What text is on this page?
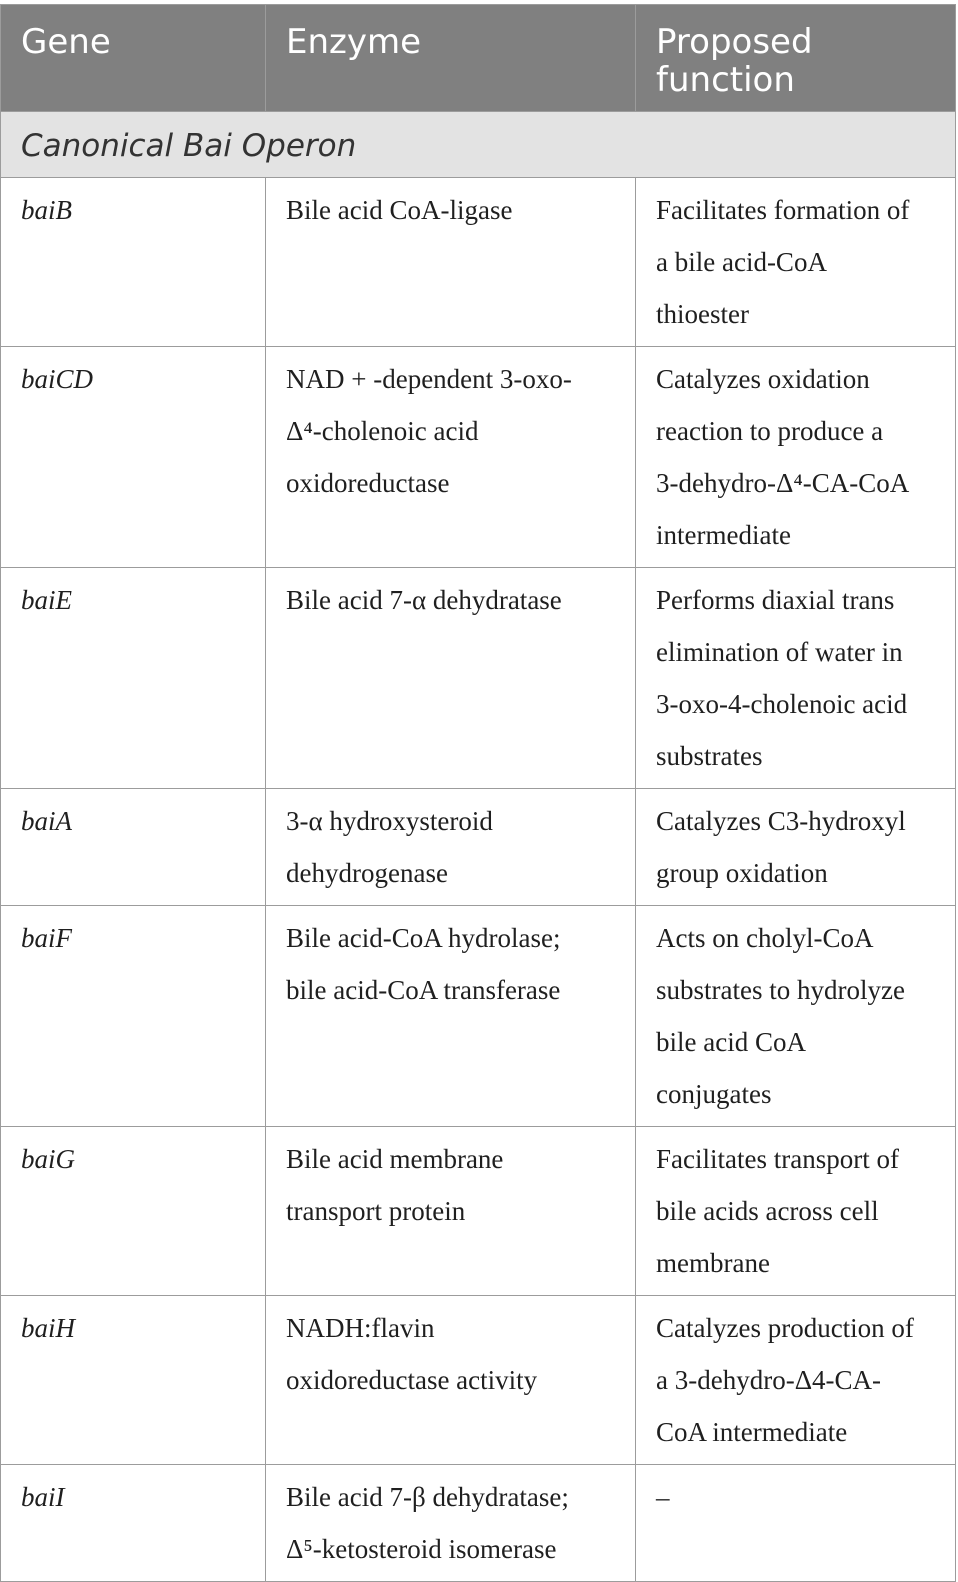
Gene	Enzyme	Proposed
function

Canonical Bai Operon		

baiB	Bile acid CoA-ligase	Facilitates formation of
a bile acid-CoA
thioester

baiCD	NAD + -dependent 3-oxo-
Δ⁴-cholenoic acid
oxidoreductase	Catalyzes oxidation
reaction to produce a
3-dehydro-Δ⁴-CA-CoA
intermediate

baiE	Bile acid 7-α dehydratase	Performs diaxial trans
elimination of water in
3-oxo-4-cholenoic acid
substrates

baiA	3-α hydroxysteroid
dehydrogenase	Catalyzes C3-hydroxyl
group oxidation

baiF	Bile acid-CoA hydrolase;
bile acid-CoA transferase	Acts on cholyl-CoA
substrates to hydrolyze
bile acid CoA
conjugates

baiG	Bile acid membrane
transport protein	Facilitates transport of
bile acids across cell
membrane

baiH	NADH:flavin
oxidoreductase activity	Catalyzes production of
a 3-dehydro-Δ4-CA-
CoA intermediate

baiI	Bile acid 7-β dehydratase;
Δ⁵-ketosteroid isomerase	–
